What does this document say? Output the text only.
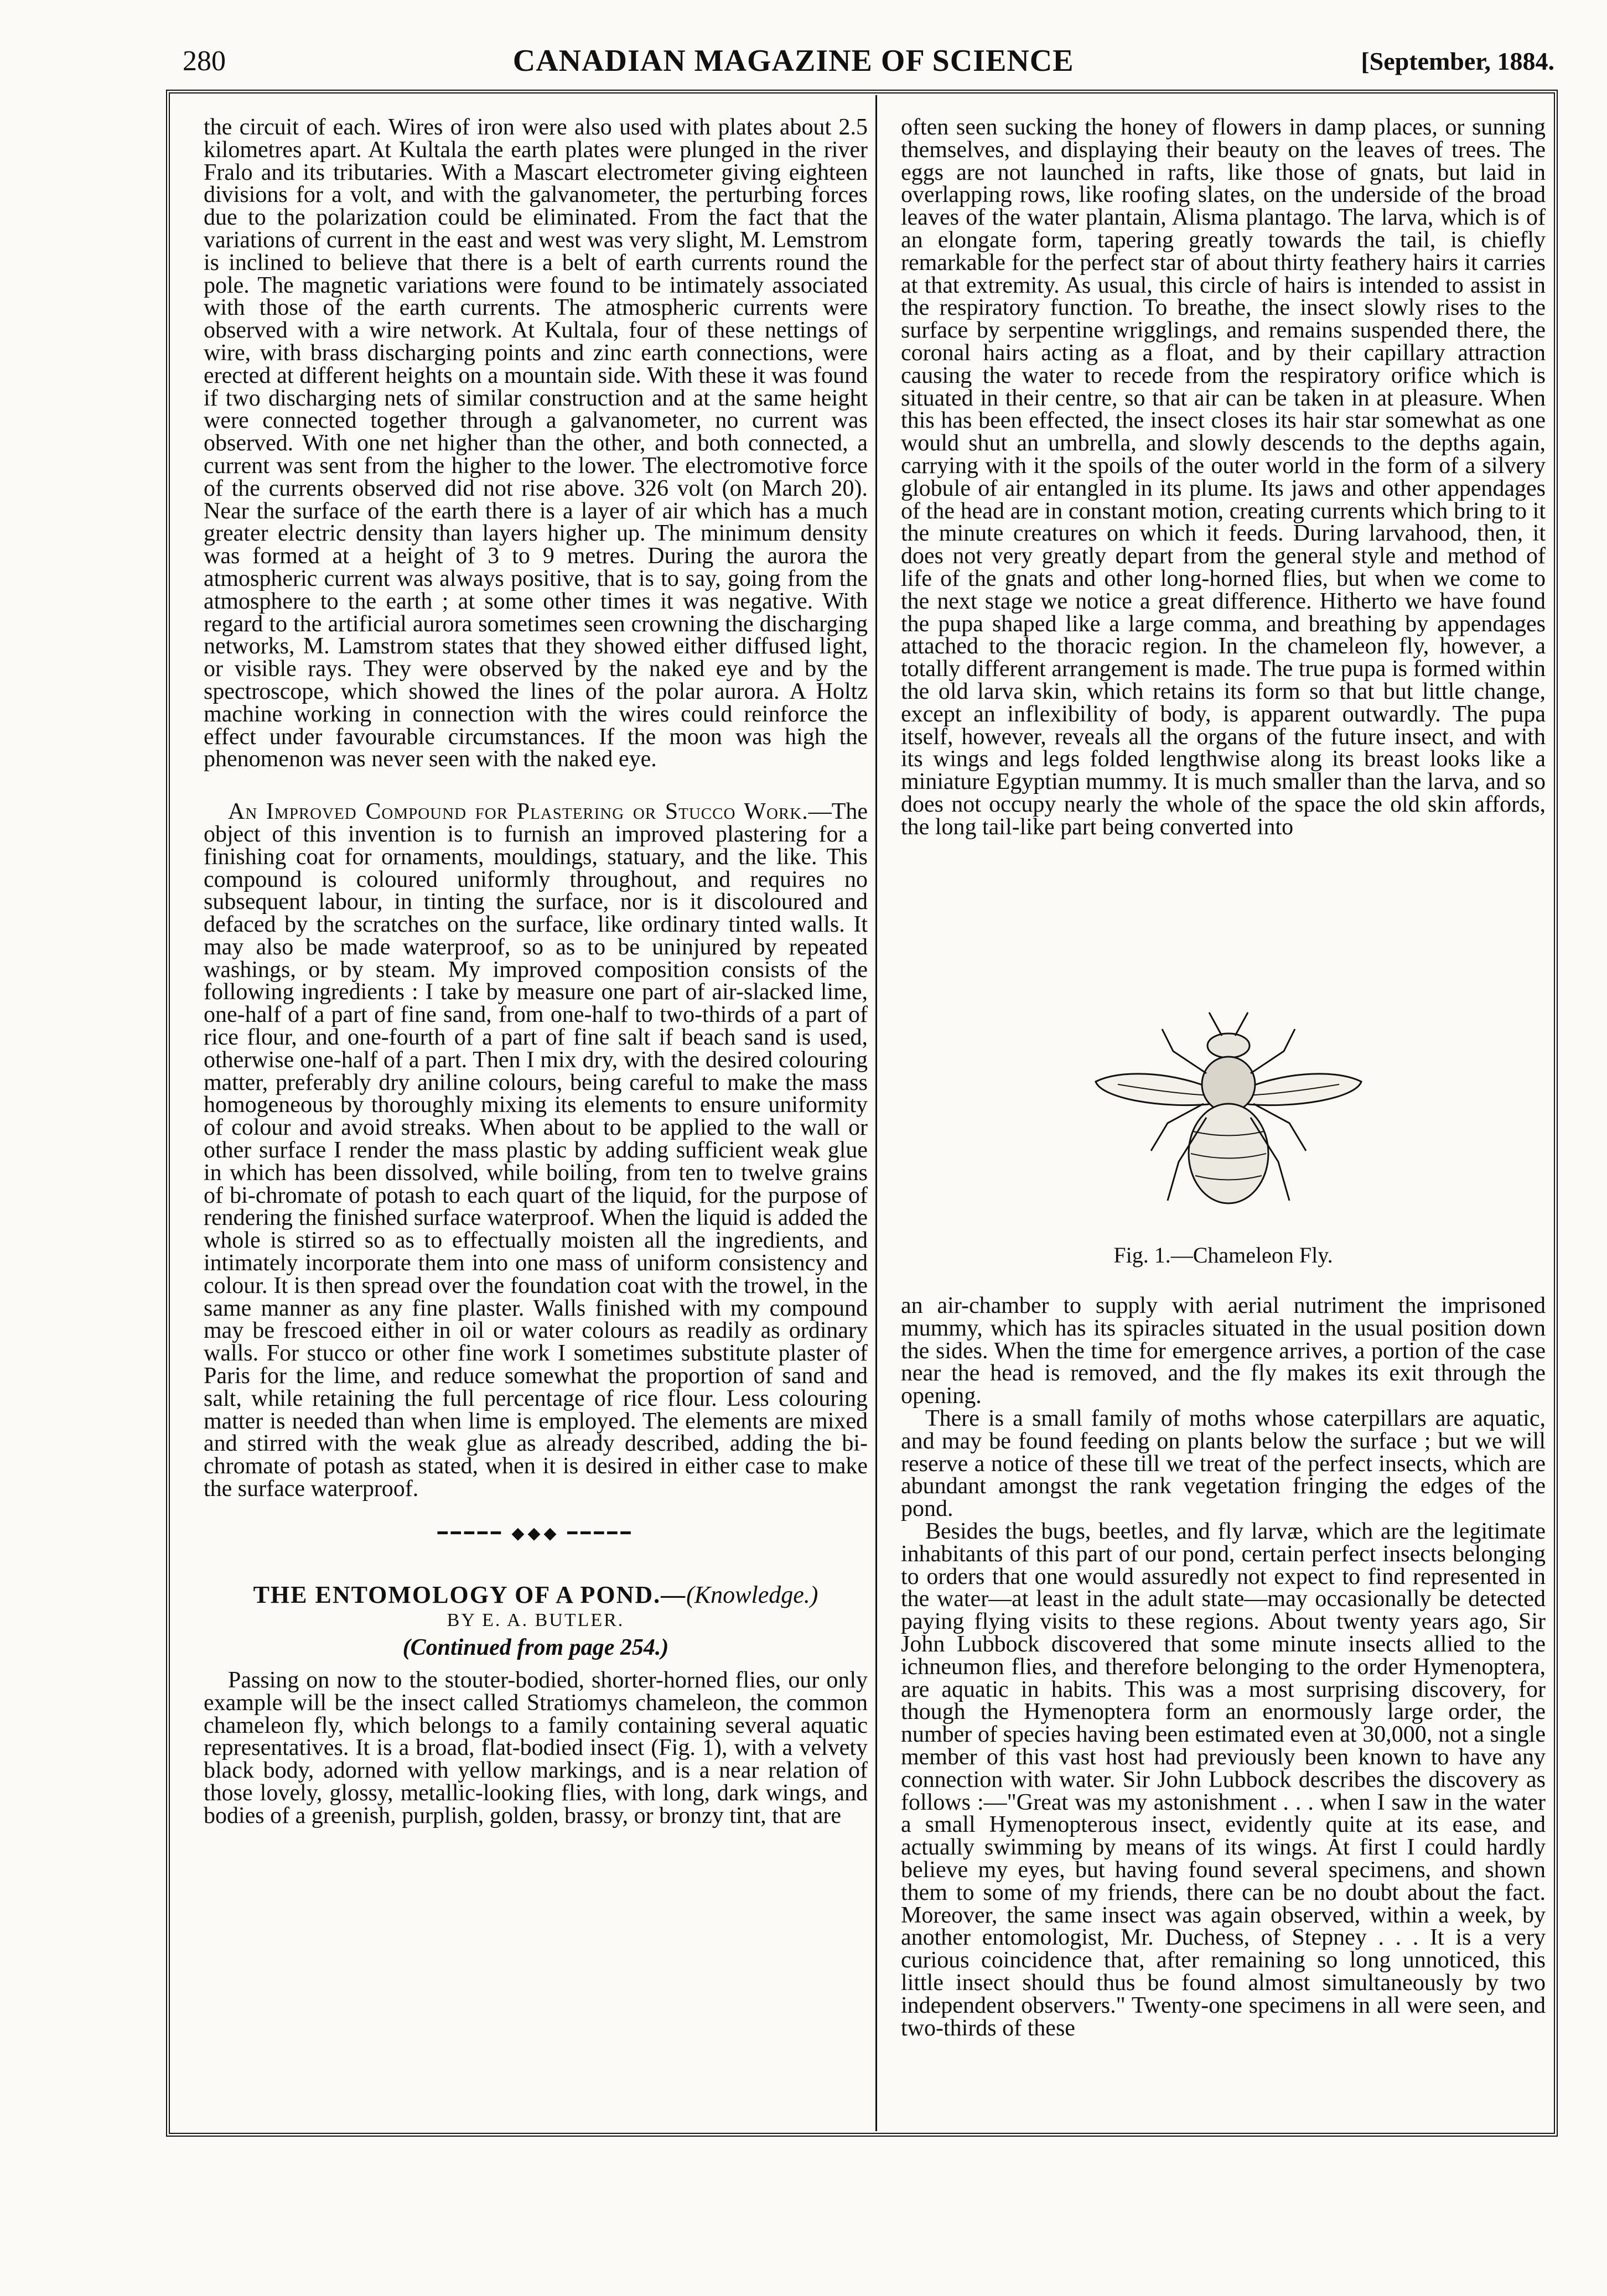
280	CANADIAN MAGAZINE OF SCIENCE	[September, 1884.

the circuit of each. Wires of iron were also used with plates about 2.5 kilometres apart. At Kultala the earth plates were plunged in the river Fralo and its tributaries. With a Mascart electrometer giving eighteen divisions for a volt, and with the galvanometer, the perturbing forces due to the polarization could be eliminated. From the fact that the variations of current in the east and west was very slight, M. Lemstrom is inclined to believe that there is a belt of earth currents round the pole. The magnetic variations were found to be intimately associated with those of the earth currents. The atmospheric currents were observed with a wire network. At Kultala, four of these nettings of wire, with brass discharging points and zinc earth connections, were erected at different heights on a mountain side. With these it was found if two discharging nets of similar construction and at the same height were connected together through a galvanometer, no current was observed. With one net higher than the other, and both connected, a current was sent from the higher to the lower. The electromotive force of the currents observed did not rise above. 326 volt (on March 20). Near the surface of the earth there is a layer of air which has a much greater electric density than layers higher up. The minimum density was formed at a height of 3 to 9 metres. During the aurora the atmospheric current was always positive, that is to say, going from the atmosphere to the earth ; at some other times it was negative. With regard to the artificial aurora sometimes seen crowning the discharging networks, M. Lamstrom states that they showed either diffused light, or visible rays. They were observed by the naked eye and by the spectroscope, which showed the lines of the polar aurora. A Holtz machine working in connection with the wires could reinforce the effect under favourable circumstances. If the moon was high the phenomenon was never seen with the naked eye.

An Improved Compound for Plastering or Stucco Work.—The object of this invention is to furnish an improved plastering for a finishing coat for ornaments, mouldings, statuary, and the like. This compound is coloured uniformly throughout, and requires no subsequent labour, in tinting the surface, nor is it discoloured and defaced by the scratches on the surface, like ordinary tinted walls. It may also be made waterproof, so as to be uninjured by repeated washings, or by steam. My improved composition consists of the following ingredients : I take by measure one part of air-slacked lime, one-half of a part of fine sand, from one-half to two-thirds of a part of rice flour, and one-fourth of a part of fine salt if beach sand is used, otherwise one-half of a part. Then I mix dry, with the desired colouring matter, preferably dry aniline colours, being careful to make the mass homogeneous by thoroughly mixing its elements to ensure uniformity of colour and avoid streaks. When about to be applied to the wall or other surface I render the mass plastic by adding sufficient weak glue in which has been dissolved, while boiling, from ten to twelve grains of bi-chromate of potash to each quart of the liquid, for the purpose of rendering the finished surface waterproof. When the liquid is added the whole is stirred so as to effectually moisten all the ingredients, and intimately incorporate them into one mass of uniform consistency and colour. It is then spread over the foundation coat with the trowel, in the same manner as any fine plaster. Walls finished with my compound may be frescoed either in oil or water colours as readily as ordinary walls. For stucco or other fine work I sometimes substitute plaster of Paris for the lime, and reduce somewhat the proportion of sand and salt, while retaining the full percentage of rice flour. Less colouring matter is needed than when lime is employed. The elements are mixed and stirred with the weak glue as already described, adding the bi-chromate of potash as stated, when it is desired in either case to make the surface waterproof.

━━━━━ ◆◆◆ ━━━━━
THE ENTOMOLOGY OF A POND.—(Knowledge.)
BY E. A. BUTLER.
(Continued from page 254.)

Passing on now to the stouter-bodied, shorter-horned flies, our only example will be the insect called Stratiomys chameleon, the common chameleon fly, which belongs to a family containing several aquatic representatives. It is a broad, flat-bodied insect (Fig. 1), with a velvety black body, adorned with yellow markings, and is a near relation of those lovely, glossy, metallic-looking flies, with long, dark wings, and bodies of a greenish, purplish, golden, brassy, or bronzy tint, that are

often seen sucking the honey of flowers in damp places, or sunning themselves, and displaying their beauty on the leaves of trees. The eggs are not launched in rafts, like those of gnats, but laid in overlapping rows, like roofing slates, on the underside of the broad leaves of the water plantain, Alisma plantago. The larva, which is of an elongate form, tapering greatly towards the tail, is chiefly remarkable for the perfect star of about thirty feathery hairs it carries at that extremity. As usual, this circle of hairs is intended to assist in the respiratory function. To breathe, the insect slowly rises to the surface by serpentine wrigglings, and remains suspended there, the coronal hairs acting as a float, and by their capillary attraction causing the water to recede from the respiratory orifice which is situated in their centre, so that air can be taken in at pleasure. When this has been effected, the insect closes its hair star somewhat as one would shut an umbrella, and slowly descends to the depths again, carrying with it the spoils of the outer world in the form of a silvery globule of air entangled in its plume. Its jaws and other appendages of the head are in constant motion, creating currents which bring to it the minute creatures on which it feeds. During larvahood, then, it does not very greatly depart from the general style and method of life of the gnats and other long-horned flies, but when we come to the next stage we notice a great difference. Hitherto we have found the pupa shaped like a large comma, and breathing by appendages attached to the thoracic region. In the chameleon fly, however, a totally different arrangement is made. The true pupa is formed within the old larva skin, which retains its form so that but little change, except an inflexibility of body, is apparent outwardly. The pupa itself, however, reveals all the organs of the future insect, and with its wings and legs folded lengthwise along its breast looks like a miniature Egyptian mummy. It is much smaller than the larva, and so does not occupy nearly the whole of the space the old skin affords, the long tail-like part being converted into

Fig. 1.—Chameleon Fly.

an air-chamber to supply with aerial nutriment the imprisoned mummy, which has its spiracles situated in the usual position down the sides. When the time for emergence arrives, a portion of the case near the head is removed, and the fly makes its exit through the opening.

There is a small family of moths whose caterpillars are aquatic, and may be found feeding on plants below the surface ; but we will reserve a notice of these till we treat of the perfect insects, which are abundant amongst the rank vegetation fringing the edges of the pond.

Besides the bugs, beetles, and fly larvæ, which are the legitimate inhabitants of this part of our pond, certain perfect insects belonging to orders that one would assuredly not expect to find represented in the water—at least in the adult state—may occasionally be detected paying flying visits to these regions. About twenty years ago, Sir John Lubbock discovered that some minute insects allied to the ichneumon flies, and therefore belonging to the order Hymenoptera, are aquatic in habits. This was a most surprising discovery, for though the Hymenoptera form an enormously large order, the number of species having been estimated even at 30,000, not a single member of this vast host had previously been known to have any connection with water. Sir John Lubbock describes the discovery as follows :—"Great was my astonishment . . . when I saw in the water a small Hymenopterous insect, evidently quite at its ease, and actually swimming by means of its wings. At first I could hardly believe my eyes, but having found several specimens, and shown them to some of my friends, there can be no doubt about the fact. Moreover, the same insect was again observed, within a week, by another entomologist, Mr. Duchess, of Stepney . . . It is a very curious coincidence that, after remaining so long unnoticed, this little insect should thus be found almost simultaneously by two independent observers." Twenty-one specimens in all were seen, and two-thirds of these
